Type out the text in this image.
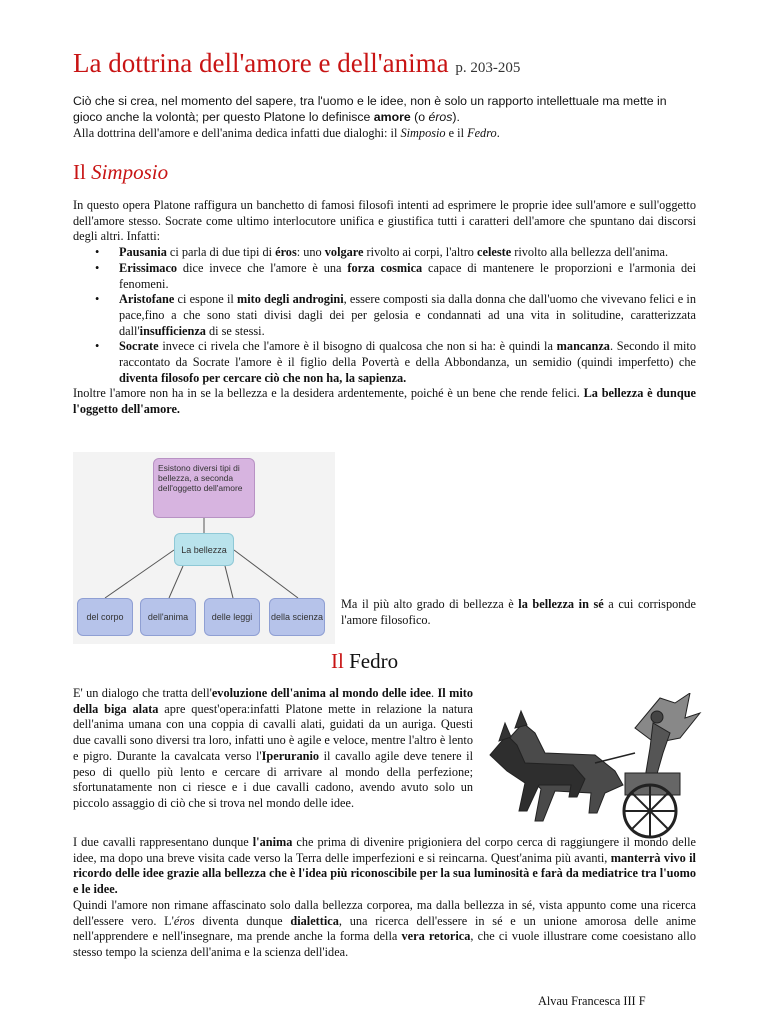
La dottrina dell'amore e dell'anima p. 203-205

Ciò che si crea, nel momento del sapere, tra l'uomo e le idee, non è solo un rapporto intellettuale ma mette in gioco anche la volontà; per questo Platone lo definisce amore (o éros).

Alla dottrina dell'amore e dell'anima dedica infatti due dialoghi: il Simposio e il Fedro.

Il Simposio

In questo opera Platone raffigura un banchetto di famosi filosofi intenti ad esprimere le proprie idee sull'amore e sull'oggetto dell'amore stesso. Socrate come ultimo interlocutore unifica e giustifica tutti i caratteri dell'amore che spuntano dai discorsi degli altri. Infatti:

• Pausania ci parla di due tipi di éros: uno volgare rivolto ai corpi, l'altro celeste rivolto alla bellezza dell'anima.
• Erissimaco dice invece che l'amore è una forza cosmica capace di mantenere le proporzioni e l'armonia dei fenomeni.
• Aristofane ci espone il mito degli androgini, essere composti sia dalla donna che dall'uomo che vivevano felici e in pace,fino a che sono stati divisi dagli dei per gelosia e condannati ad una vita in solitudine, caratterizzata dall'insufficienza di se stessi.
• Socrate invece ci rivela che l'amore è il bisogno di qualcosa che non si ha: è quindi la mancanza. Secondo il mito raccontato da Socrate l'amore è il figlio della Povertà e della Abbondanza, un semidio (quindi imperfetto) che diventa filosofo per cercare ciò che non ha, la sapienza.

Inoltre l'amore non ha in se la bellezza e la desidera ardentemente, poiché è un bene che rende felici. La bellezza è dunque l'oggetto dell'amore.

Esistono diversi tipi di bellezza, a seconda dell'oggetto dell'amore
La bellezza
del corpo	dell'anima	delle leggi	della scienza
Ma il più alto grado di bellezza è la bellezza in sé a cui corrisponde l'amore filosofico.
Il Fedro

E' un dialogo che tratta dell'evoluzione dell'anima al mondo delle idee. Il mito della biga alata apre quest'opera:infatti Platone mette in relazione la natura dell'anima umana con una coppia di cavalli alati, guidati da un auriga. Questi due cavalli sono diversi tra loro, infatti uno è agile e veloce, mentre l'altro è lento e pigro. Durante la cavalcata verso l'Iperuranio il cavallo agile deve tenere il peso di quello più lento e cercare di arrivare al mondo della perfezione; sfortunatamente non ci riesce e i due cavalli cadono, avendo avuto solo un piccolo assaggio di ciò che si trova nel mondo delle idee.

I due cavalli rappresentano dunque l'anima che prima di divenire prigioniera del corpo cerca di raggiungere il mondo delle idee, ma dopo una breve visita cade verso la Terra delle imperfezioni e si reincarna. Quest'anima più avanti, manterrà vivo il ricordo delle idee grazie alla bellezza che è l'idea più riconoscibile per la sua luminosità e farà da mediatrice tra l'uomo e le idee.

Quindi l'amore non rimane affascinato solo dalla bellezza corporea, ma dalla bellezza in sé, vista appunto come una ricerca dell'essere vero. L'éros diventa dunque dialettica, una ricerca dell'essere in sé e un unione amorosa delle anime nell'apprendere e nell'insegnare, ma prende anche la forma della vera retorica, che ci vuole illustrare come coesistano allo stesso tempo la scienza dell'anima e la scienza dell'idea.

Alvau Francesca III F
